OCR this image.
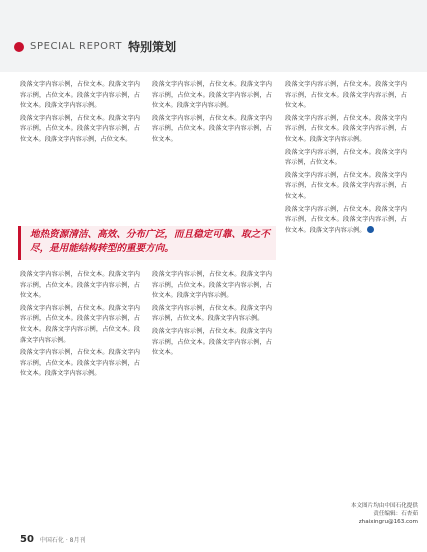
SPECIAL REPORT 特别策划
地热资源清洁、高效、分布广泛，而且稳定可靠、取之不尽，是用能结构转型的重要方向。

段落文字内容示例，占位文本。段落文字内容示例，占位文本。段落文字内容示例，占位文本。段落文字内容示例。

段落文字内容示例，占位文本。段落文字内容示例，占位文本。段落文字内容示例，占位文本。段落文字内容示例，占位文本。

段落文字内容示例，占位文本。段落文字内容示例，占位文本。段落文字内容示例，占位文本。

段落文字内容示例，占位文本。段落文字内容示例，占位文本。段落文字内容示例，占位文本。段落文字内容示例，占位文本。段落文字内容示例。

段落文字内容示例，占位文本。段落文字内容示例，占位文本。段落文字内容示例，占位文本。段落文字内容示例。

段落文字内容示例，占位文本。段落文字内容示例，占位文本。段落文字内容示例，占位文本。段落文字内容示例。

段落文字内容示例，占位文本。段落文字内容示例，占位文本。段落文字内容示例，占位文本。

段落文字内容示例，占位文本。段落文字内容示例，占位文本。段落文字内容示例，占位文本。段落文字内容示例。

段落文字内容示例，占位文本。段落文字内容示例，占位文本。段落文字内容示例。

段落文字内容示例，占位文本。段落文字内容示例，占位文本。段落文字内容示例，占位文本。

段落文字内容示例，占位文本。段落文字内容示例，占位文本。段落文字内容示例，占位文本。

段落文字内容示例，占位文本。段落文字内容示例，占位文本。段落文字内容示例，占位文本。段落文字内容示例。

段落文字内容示例，占位文本。段落文字内容示例，占位文本。

段落文字内容示例，占位文本。段落文字内容示例，占位文本。段落文字内容示例，占位文本。

段落文字内容示例，占位文本。段落文字内容示例，占位文本。段落文字内容示例，占位文本。段落文字内容示例。

本文图片均由中国石化提供
责任编辑：石杏茹
zhaixingru@163.com
50 中国石化 · 8月刊
